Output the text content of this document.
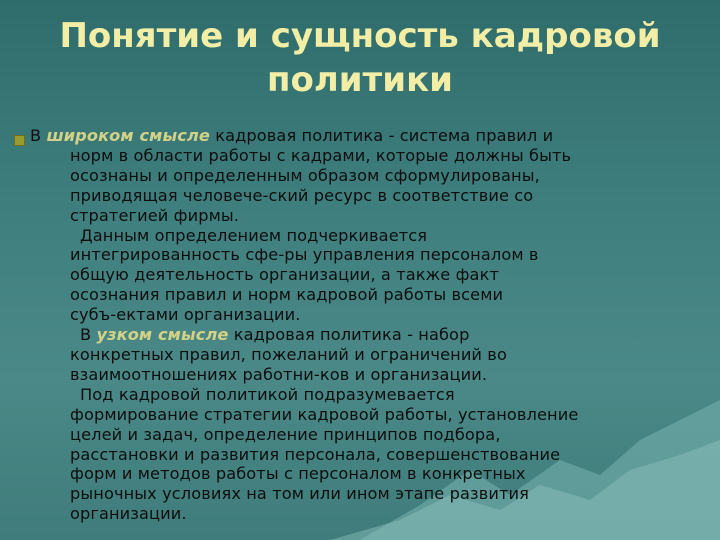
Понятие и сущность кадровой
политики
В широком смысле кадровая политика - система правил и
норм в области работы с кадрами, которые должны быть
осознаны и определенным образом сформулированы,
приводящая человече-ский ресурс в соответствие со
стратегией фирмы.
Данным определением подчеркивается
интегрированность сфе-ры управления персоналом в
общую деятельность организации, а также факт
осознания правил и норм кадровой работы всеми
субъ-ектами организации.
В узком смысле кадровая политика - набор
конкретных правил, пожеланий и ограничений во
взаимоотношениях работни-ков и организации.
Под кадровой политикой подразумевается
формирование стратегии кадровой работы, установление
целей и задач, определение принципов подбора,
расстановки и развития персонала, совершенствование
форм и методов работы с персоналом в конкретных
рыночных условиях на том или ином этапе развития
организации.
